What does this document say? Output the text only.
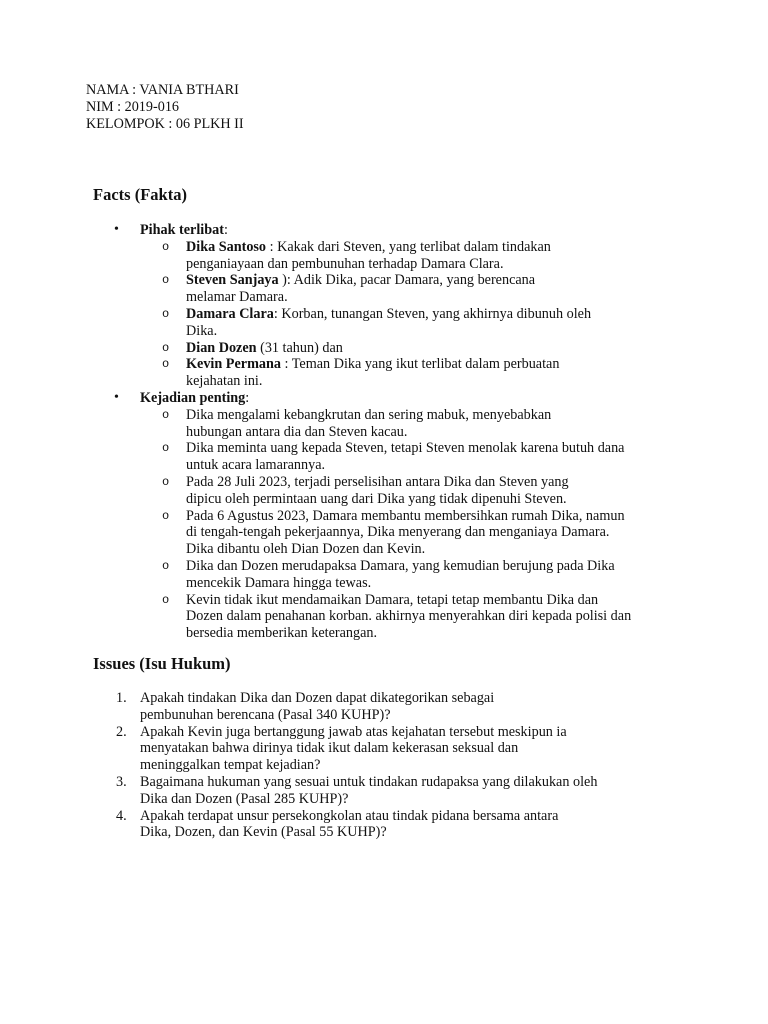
NAMA : VANIA BTHARI
NIM : 2019-016
KELOMPOK : 06 PLKH II
Facts (Fakta)
• Pihak terlibat:
o Dika Santoso : Kakak dari Steven, yang terlibat dalam tindakan
penganiayaan dan pembunuhan terhadap Damara Clara.
o Steven Sanjaya ): Adik Dika, pacar Damara, yang berencana
melamar Damara.
o Damara Clara: Korban, tunangan Steven, yang akhirnya dibunuh oleh
Dika.
o Dian Dozen (31 tahun) dan
o Kevin Permana : Teman Dika yang ikut terlibat dalam perbuatan
kejahatan ini.
• Kejadian penting:
o Dika mengalami kebangkrutan dan sering mabuk, menyebabkan
hubungan antara dia dan Steven kacau.
o Dika meminta uang kepada Steven, tetapi Steven menolak karena butuh dana
untuk acara lamarannya.
o Pada 28 Juli 2023, terjadi perselisihan antara Dika dan Steven yang
dipicu oleh permintaan uang dari Dika yang tidak dipenuhi Steven.
o Pada 6 Agustus 2023, Damara membantu membersihkan rumah Dika, namun
di tengah-tengah pekerjaannya, Dika menyerang dan menganiaya Damara.
Dika dibantu oleh Dian Dozen dan Kevin.
o Dika dan Dozen merudapaksa Damara, yang kemudian berujung pada Dika
mencekik Damara hingga tewas.
o Kevin tidak ikut mendamaikan Damara, tetapi tetap membantu Dika dan
Dozen dalam penahanan korban. akhirnya menyerahkan diri kepada polisi dan
bersedia memberikan keterangan.
Issues (Isu Hukum)
1. Apakah tindakan Dika dan Dozen dapat dikategorikan sebagai
pembunuhan berencana (Pasal 340 KUHP)?
2. Apakah Kevin juga bertanggung jawab atas kejahatan tersebut meskipun ia
menyatakan bahwa dirinya tidak ikut dalam kekerasan seksual dan
meninggalkan tempat kejadian?
3. Bagaimana hukuman yang sesuai untuk tindakan rudapaksa yang dilakukan oleh
Dika dan Dozen (Pasal 285 KUHP)?
4. Apakah terdapat unsur persekongkolan atau tindak pidana bersama antara
Dika, Dozen, dan Kevin (Pasal 55 KUHP)?
